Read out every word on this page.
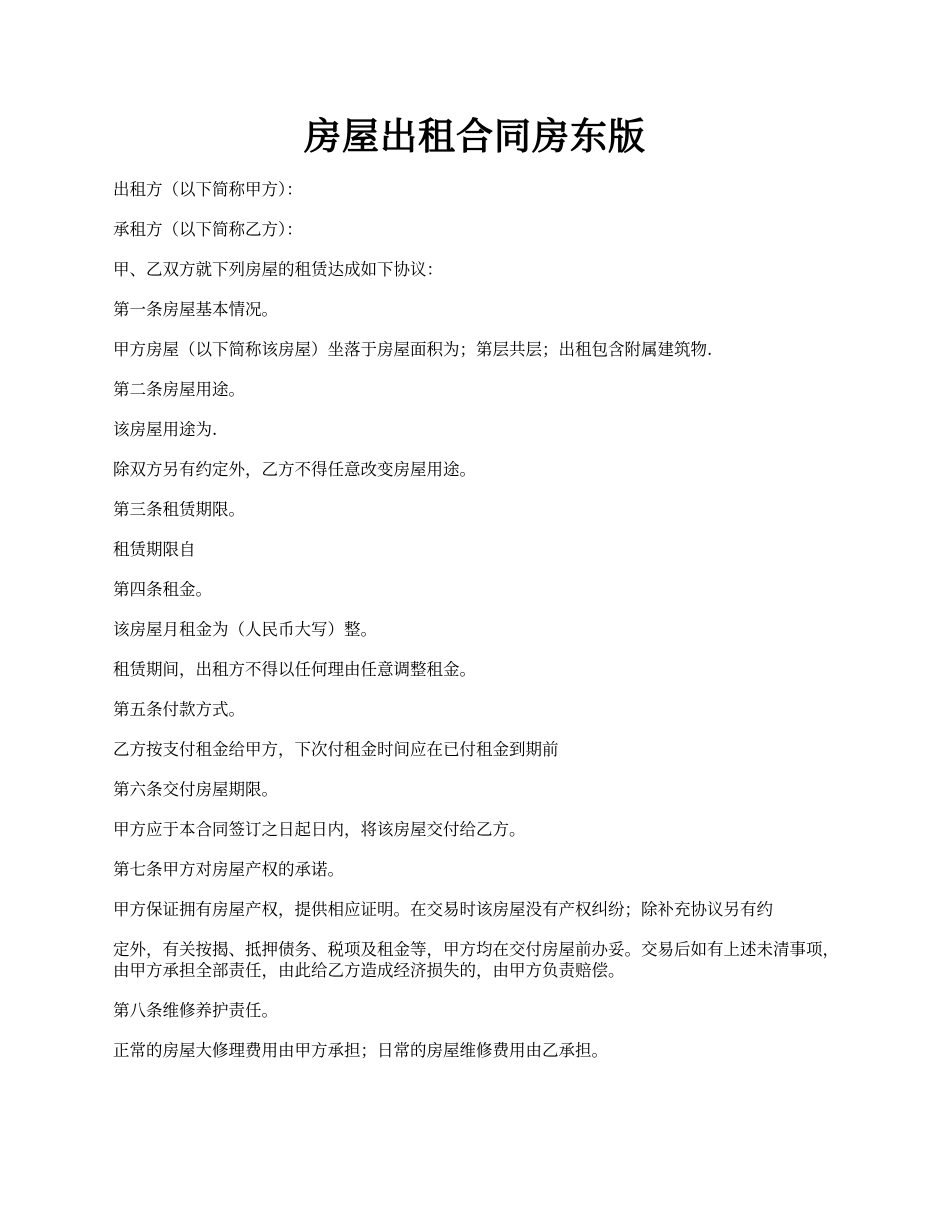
房屋出租合同房东版

出租方（以下简称甲方）：

承租方（以下简称乙方）：

甲、乙双方就下列房屋的租赁达成如下协议：

第一条房屋基本情况。

甲方房屋（以下简称该房屋）坐落于房屋面积为；第层共层；出租包含附属建筑物.

第二条房屋用途。

该房屋用途为.

除双方另有约定外，乙方不得任意改变房屋用途。

第三条租赁期限。

租赁期限自

第四条租金。

该房屋月租金为（人民币大写）整。

租赁期间，出租方不得以任何理由任意调整租金。

第五条付款方式。

乙方按支付租金给甲方，下次付租金时间应在已付租金到期前

第六条交付房屋期限。

甲方应于本合同签订之日起日内，将该房屋交付给乙方。

第七条甲方对房屋产权的承诺。

甲方保证拥有房屋产权，提供相应证明。在交易时该房屋没有产权纠纷；除补充协议另有约

定外，有关按揭、抵押债务、税项及租金等，甲方均在交付房屋前办妥。交易后如有上述未清事项，由甲方承担全部责任，由此给乙方造成经济损失的，由甲方负责赔偿。

第八条维修养护责任。

正常的房屋大修理费用由甲方承担；日常的房屋维修费用由乙承担。
